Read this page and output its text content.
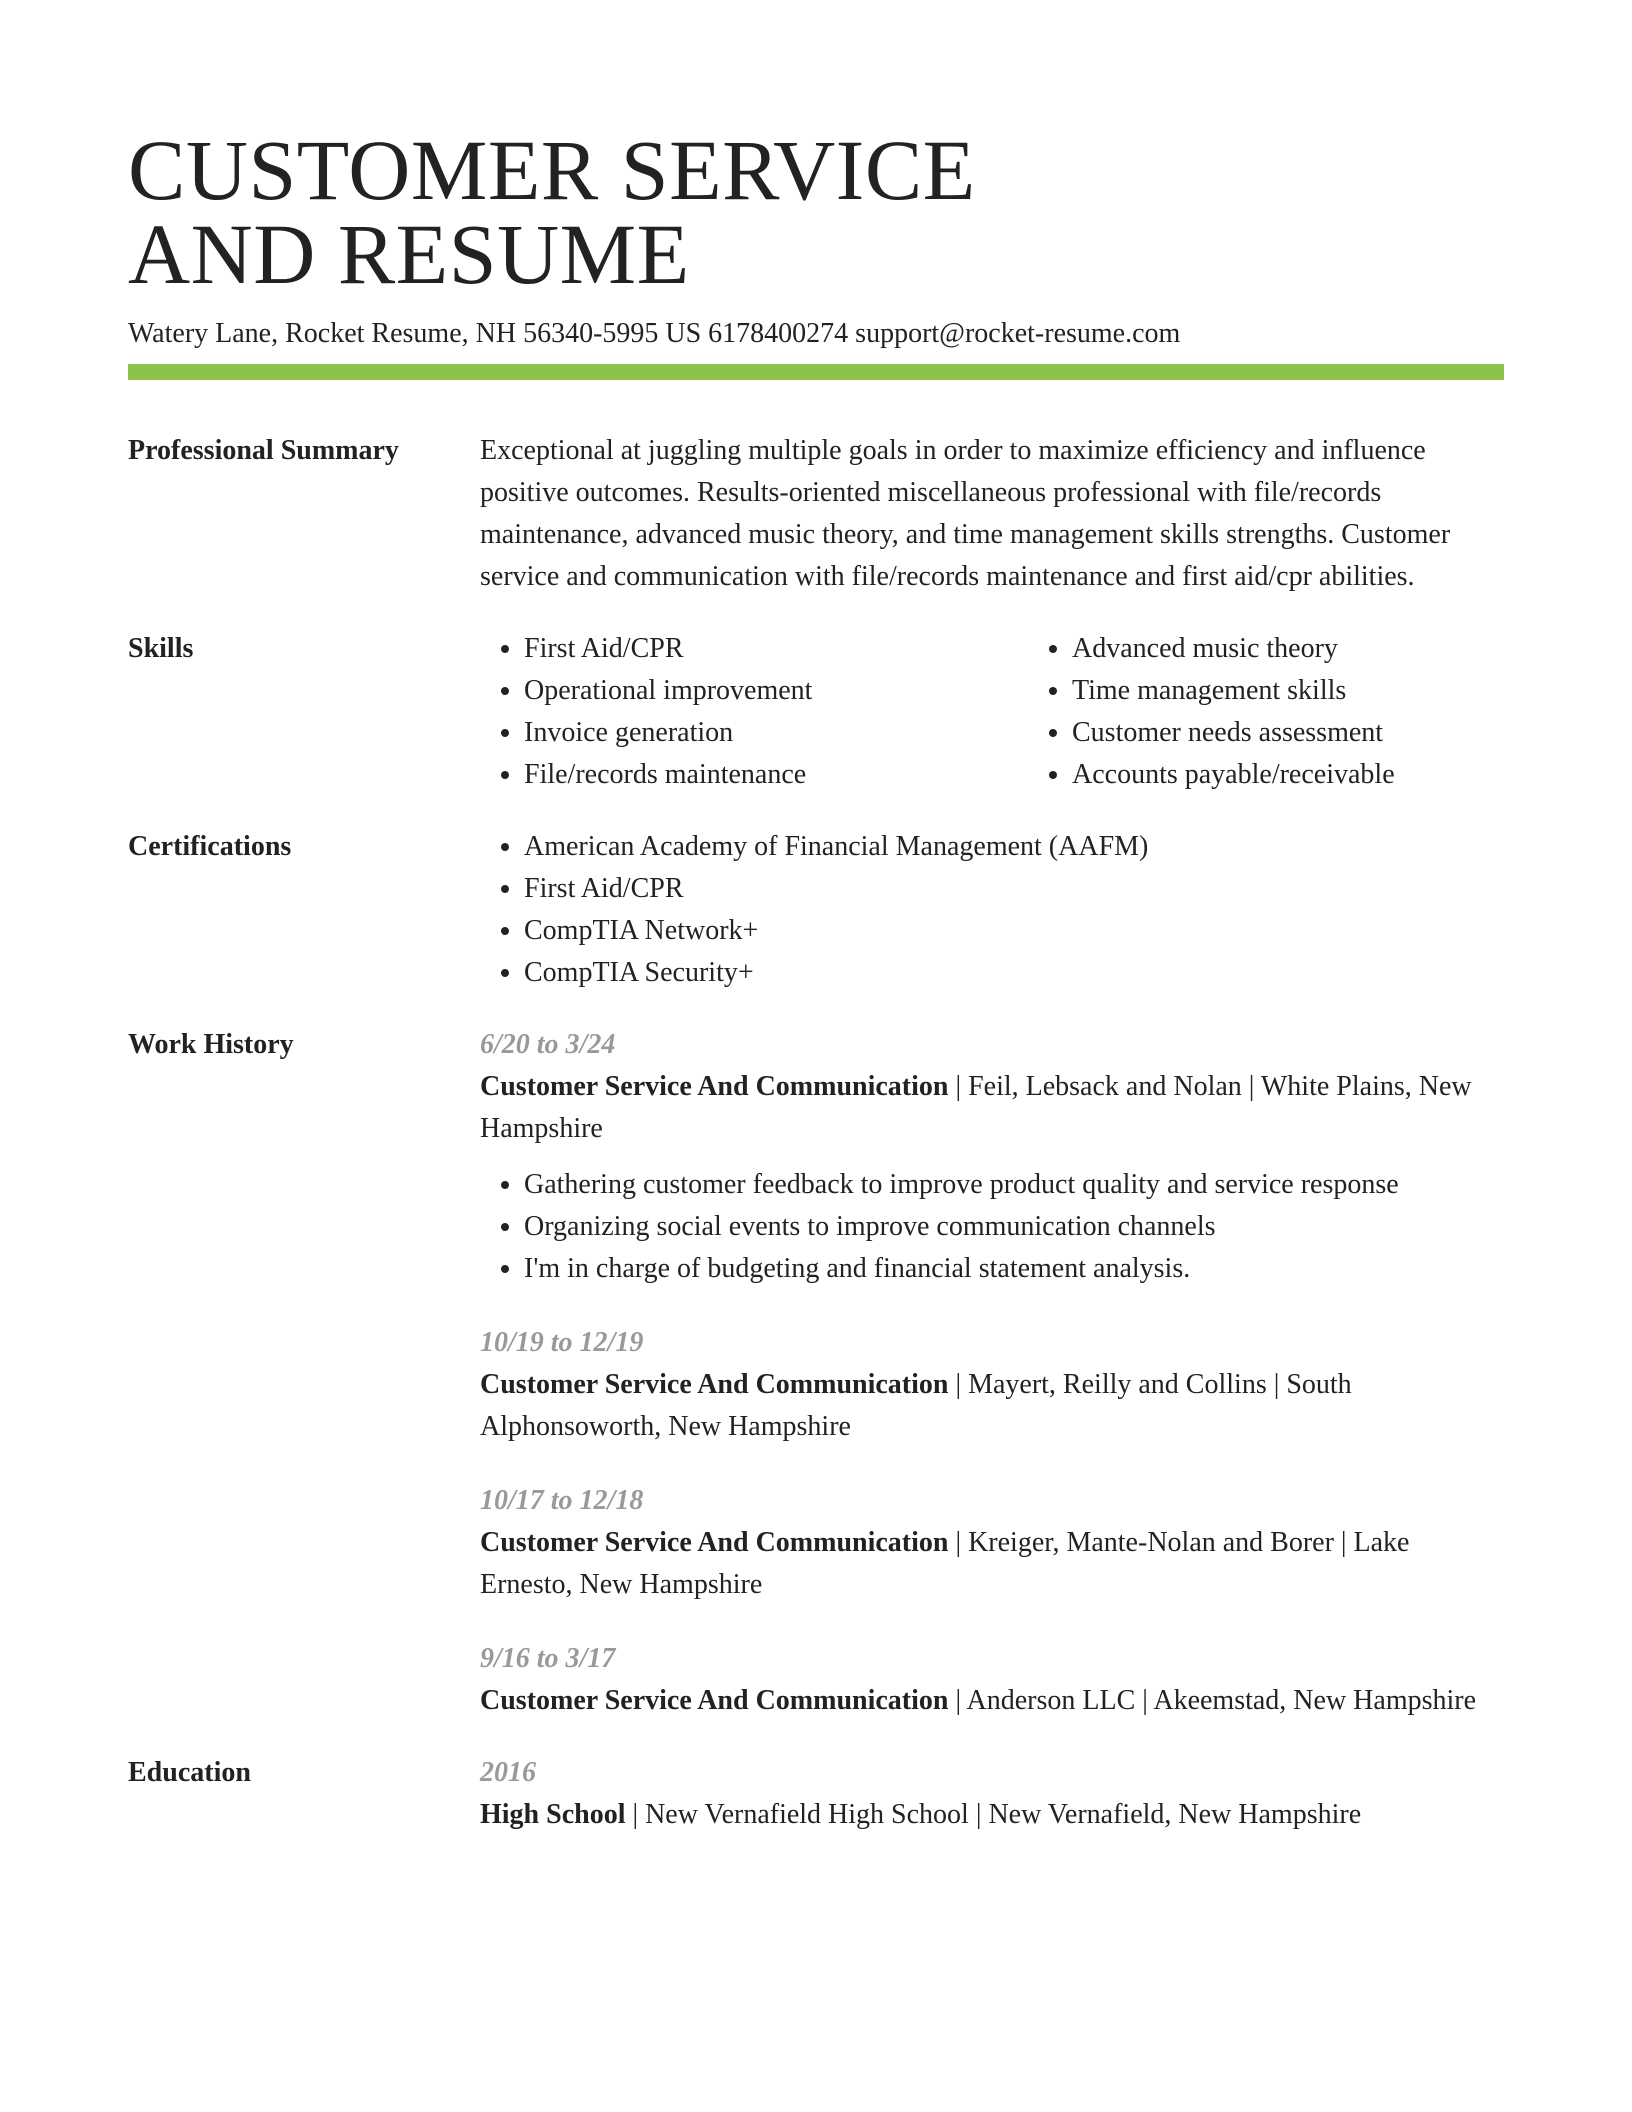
CUSTOMER SERVICE
AND RESUME
Watery Lane, Rocket Resume, NH 56340-5995 US 6178400274 support@rocket-resume.com
Professional Summary	Exceptional at juggling multiple goals in order to maximize efficiency and influence positive outcomes. Results-oriented miscellaneous professional with file/records maintenance, advanced music theory, and time management skills strengths. Customer service and communication with file/records maintenance and first aid/cpr abilities.

Skills	• First Aid/CPR
• Operational improvement
• Invoice generation
• File/records maintenance
• Advanced music theory
• Time management skills
• Customer needs assessment
• Accounts payable/receivable
Certifications	• American Academy of Financial Management (AAFM)
• First Aid/CPR
• CompTIA Network+
• CompTIA Security+
Work History	6/20 to 3/24
Customer Service And Communication | Feil, Lebsack and Nolan | White Plains, New Hampshire
• Gathering customer feedback to improve product quality and service response
• Organizing social events to improve communication channels
• I'm in charge of budgeting and financial statement analysis.
10/19 to 12/19
Customer Service And Communication | Mayert, Reilly and Collins | South Alphonsoworth, New Hampshire
10/17 to 12/18
Customer Service And Communication | Kreiger, Mante-Nolan and Borer | Lake Ernesto, New Hampshire
9/16 to 3/17
Customer Service And Communication | Anderson LLC | Akeemstad, New Hampshire
Education	2016
High School | New Vernafield High School | New Vernafield, New Hampshire
